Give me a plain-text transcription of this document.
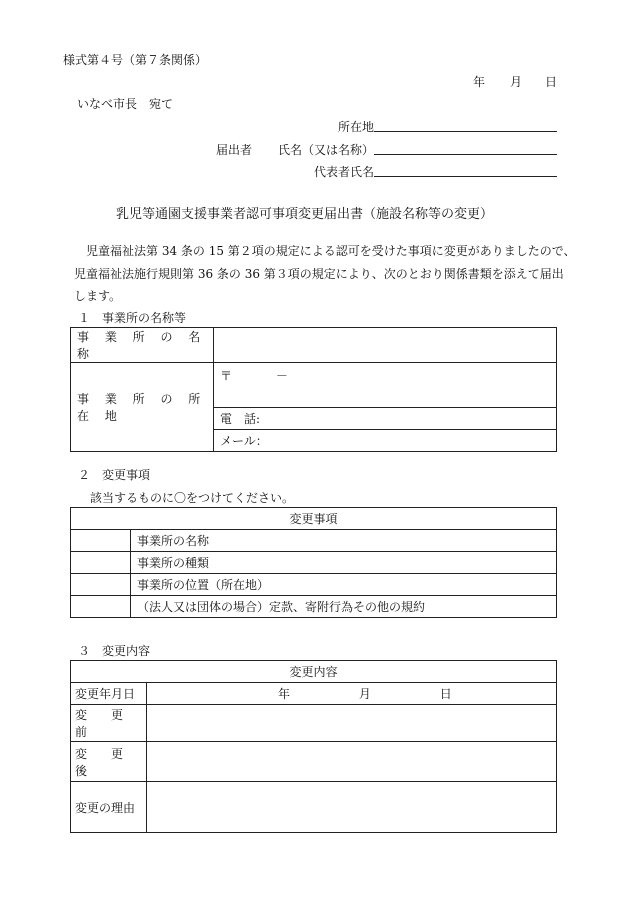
様式第４号（第７条関係）
年 月 日
いなべ市長　宛て
所在地
届出者 氏名（又は名称）
代表者氏名
乳児等通園支援事業者認可事項変更届出書（施設名称等の変更）
　児童福祉法第 34 条の 15 第２項の規定による認可を受けた事項に変更がありましたので、
児童福祉法施行規則第 36 条の 36 第３項の規定により、次のとおり関係書類を添えて届出
します。
１　事業所の名称等
事 業 所 の 名 称	
事 業 所 の 所 在 地	〒 －
	電　話:
	メール：
２　変更事項
該当するものに〇をつけてください。
変更事項	
	事業所の名称
	事業所の種類
	事業所の位置（所在地）
	（法人又は団体の場合）定款、寄附行為その他の規約
３　変更内容
変更内容	
変更年月日	年 月 日
変　　更　　前	
変　　更　　後	
変更の理由	
